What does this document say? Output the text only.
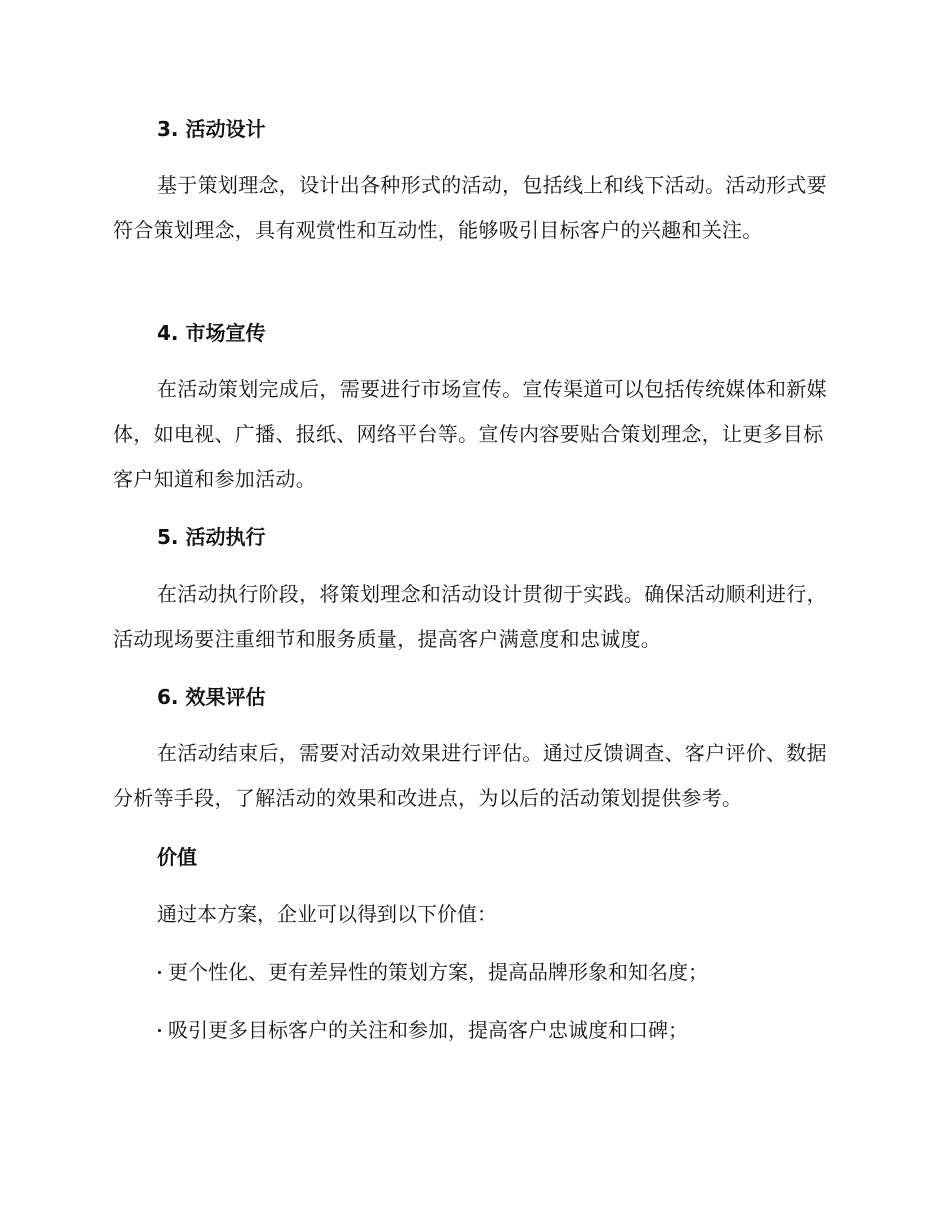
3. 活动设计

基于策划理念，设计出各种形式的活动，包括线上和线下活动。活动形式要符合策划理念，具有观赏性和互动性，能够吸引目标客户的兴趣和关注。

4. 市场宣传

在活动策划完成后，需要进行市场宣传。宣传渠道可以包括传统媒体和新媒体，如电视、广播、报纸、网络平台等。宣传内容要贴合策划理念，让更多目标客户知道和参加活动。

5. 活动执行

在活动执行阶段，将策划理念和活动设计贯彻于实践。确保活动顺利进行，活动现场要注重细节和服务质量，提高客户满意度和忠诚度。

6. 效果评估

在活动结束后，需要对活动效果进行评估。通过反馈调查、客户评价、数据分析等手段，了解活动的效果和改进点，为以后的活动策划提供参考。

价值

通过本方案，企业可以得到以下价值：

更个性化、更有差异性的策划方案，提高品牌形象和知名度；

吸引更多目标客户的关注和参加，提高客户忠诚度和口碑；
